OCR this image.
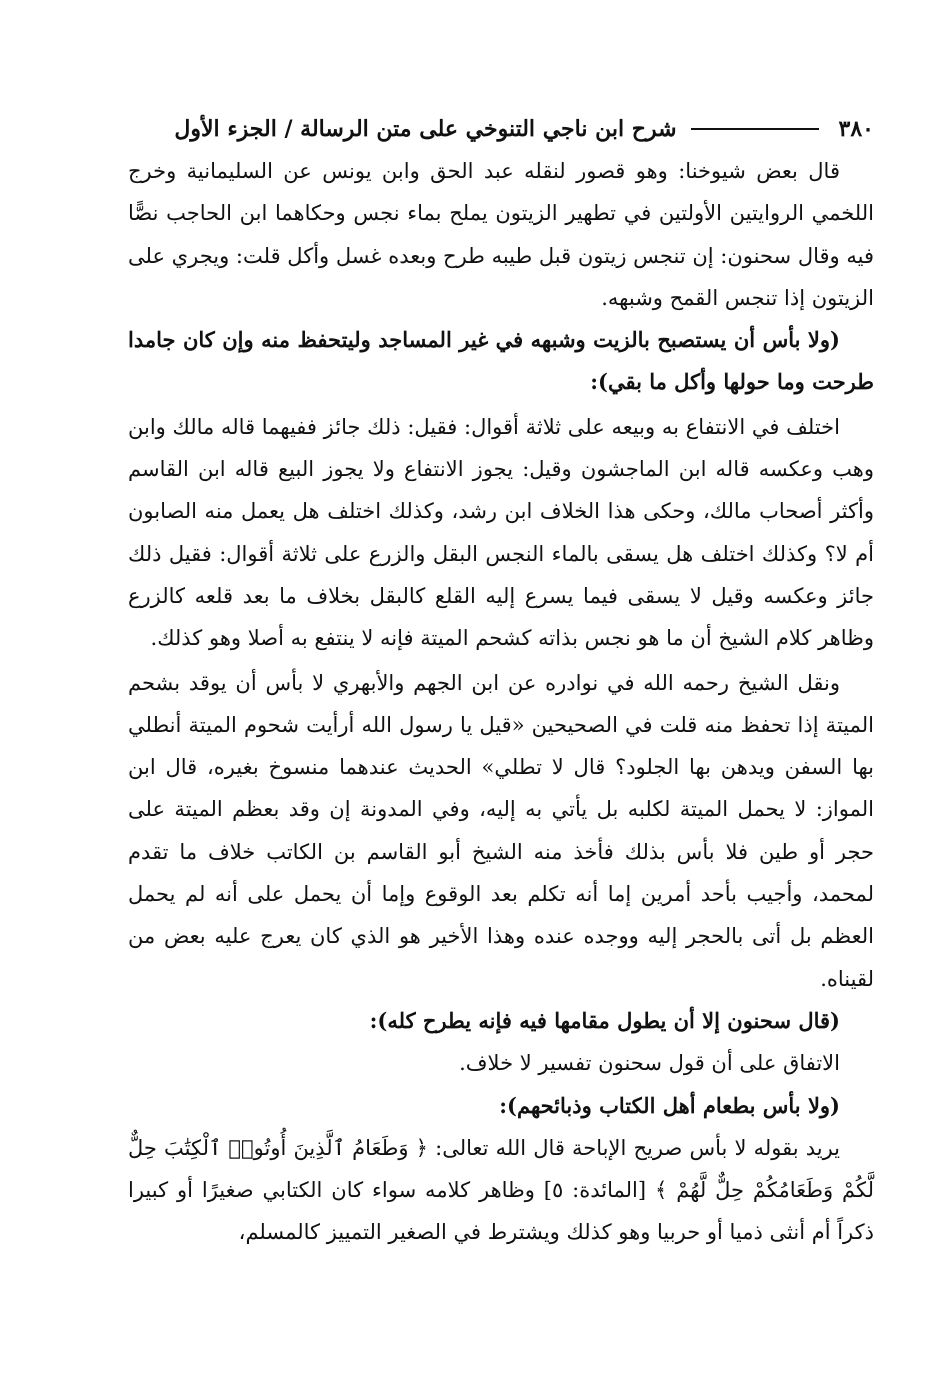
٣٨٠
شرح ابن ناجي التنوخي على متن الرسالة / الجزء الأول

قال بعض شيوخنا: وهو قصور لنقله عبد الحق وابن يونس عن السليمانية وخرج اللخمي الروايتين الأولتين في تطهير الزيتون يملح بماء نجس وحكاهما ابن الحاجب نصًّا فيه وقال سحنون: إن تنجس زيتون قبل طيبه طرح وبعده غسل وأكل قلت: ويجري على الزيتون إذا تنجس القمح وشبهه.

(ولا بأس أن يستصبح بالزيت وشبهه في غير المساجد وليتحفظ منه وإن كان جامدا طرحت وما حولها وأكل ما بقي):

اختلف في الانتفاع به وبيعه على ثلاثة أقوال: فقيل: ذلك جائز ففيهما قاله مالك وابن وهب وعكسه قاله ابن الماجشون وقيل: يجوز الانتفاع ولا يجوز البيع قاله ابن القاسم وأكثر أصحاب مالك، وحكى هذا الخلاف ابن رشد، وكذلك اختلف هل يعمل منه الصابون أم لا؟ وكذلك اختلف هل يسقى بالماء النجس البقل والزرع على ثلاثة أقوال: فقيل ذلك جائز وعكسه وقيل لا يسقى فيما يسرع إليه القلع كالبقل بخلاف ما بعد قلعه كالزرع وظاهر كلام الشيخ أن ما هو نجس بذاته كشحم الميتة فإنه لا ينتفع به أصلا وهو كذلك.

ونقل الشيخ رحمه الله في نوادره عن ابن الجهم والأبهري لا بأس أن يوقد بشحم الميتة إذا تحفظ منه قلت في الصحيحين «قيل يا رسول الله أرأيت شحوم الميتة أنطلي بها السفن ويدهن بها الجلود؟ قال لا تطلي» الحديث عندهما منسوخ بغيره، قال ابن المواز: لا يحمل الميتة لكلبه بل يأتي به إليه، وفي المدونة إن وقد بعظم الميتة على حجر أو طين فلا بأس بذلك فأخذ منه الشيخ أبو القاسم بن الكاتب خلاف ما تقدم لمحمد، وأجيب بأحد أمرين إما أنه تكلم بعد الوقوع وإما أن يحمل على أنه لم يحمل العظم بل أتى بالحجر إليه ووجده عنده وهذا الأخير هو الذي كان يعرج عليه بعض من لقيناه.

(قال سحنون إلا أن يطول مقامها فيه فإنه يطرح كله):

الاتفاق على أن قول سحنون تفسير لا خلاف.

(ولا بأس بطعام أهل الكتاب وذبائحهم):

يريد بقوله لا بأس صريح الإباحة قال الله تعالى: ﴿ وَطَعَامُ ٱلَّذِينَ أُوتُوا۟ ٱلْكِتَٰبَ حِلٌّ لَّكُمْ وَطَعَامُكُمْ حِلٌّ لَّهُمْ ﴾ [المائدة: ٥] وظاهر كلامه سواء كان الكتابي صغيرًا أو كبيرا ذكراً أم أنثى ذميا أو حربيا وهو كذلك ويشترط في الصغير التمييز كالمسلم،
